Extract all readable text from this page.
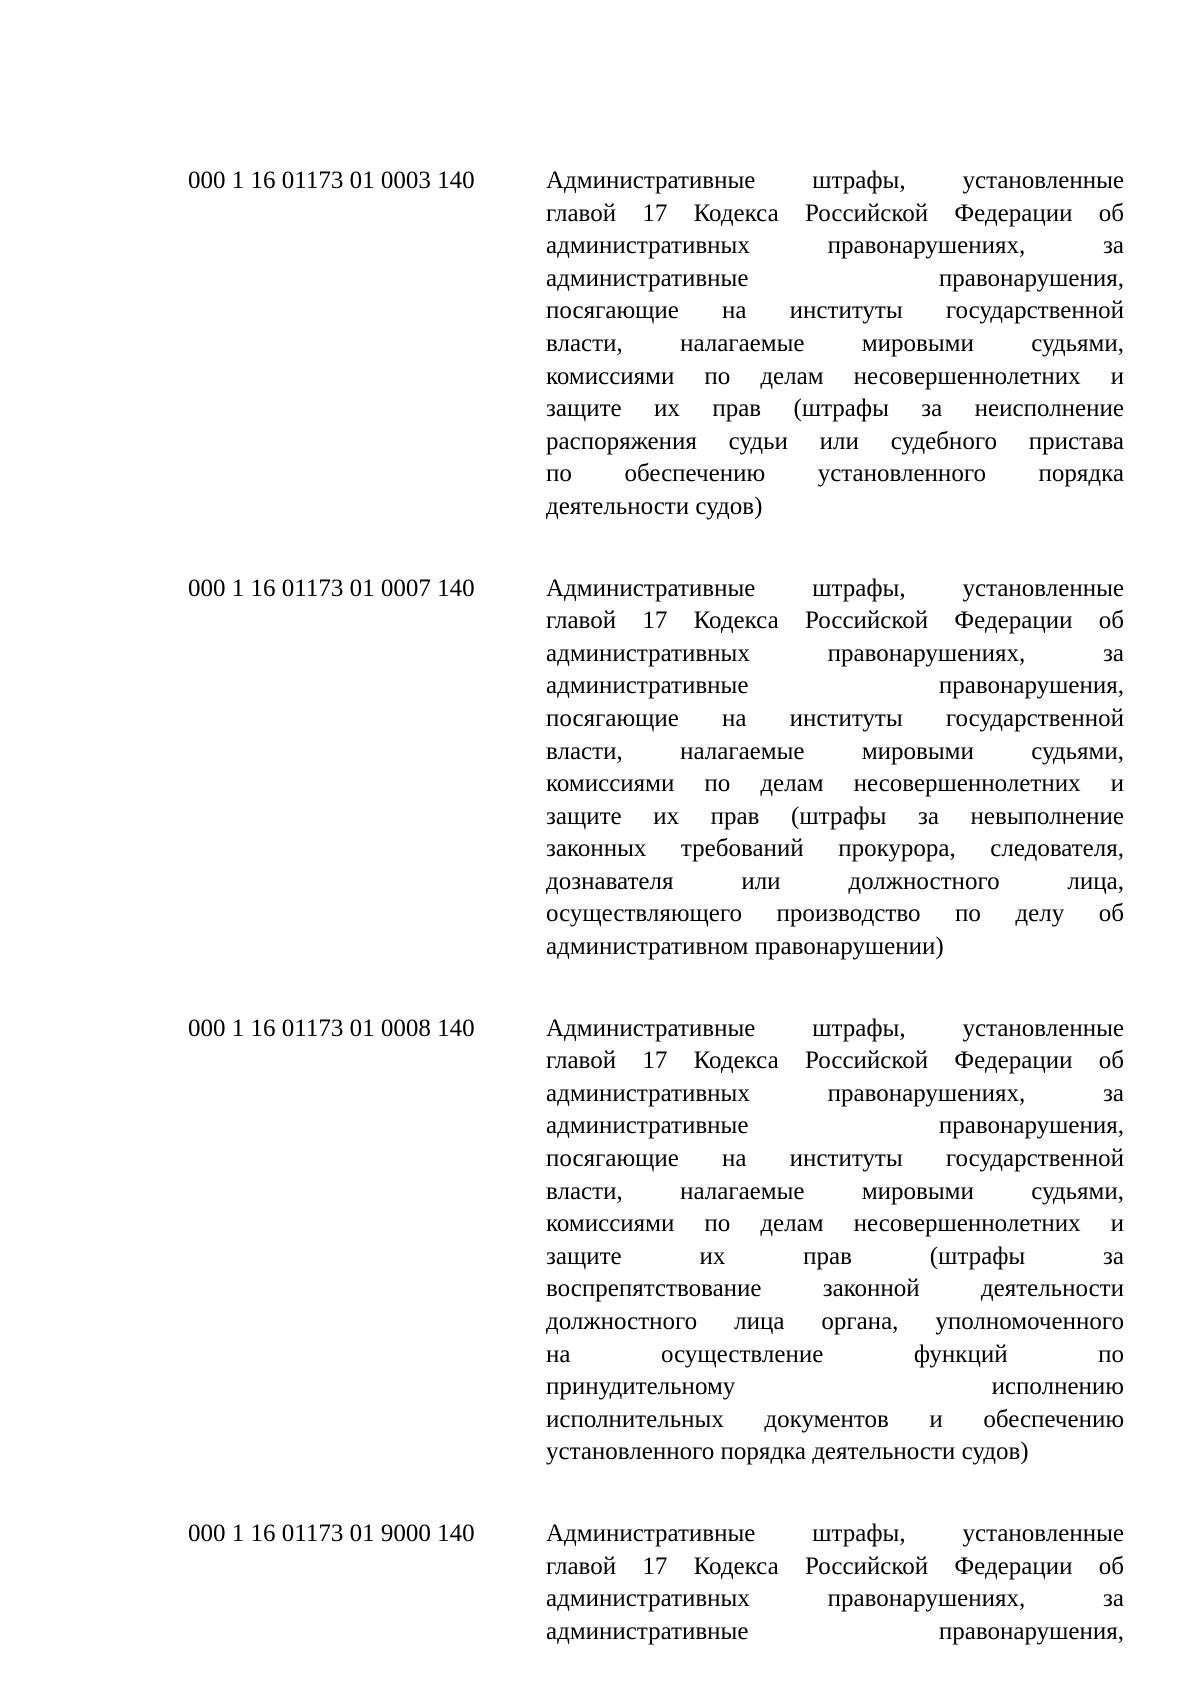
000 1 16 01173 01 0003 140	Административные штрафы, установленные
главой 17 Кодекса Российской Федерации об
административных правонарушениях, за
административные правонарушения,
посягающие на институты государственной
власти, налагаемые мировыми судьями,
комиссиями по делам несовершеннолетних и
защите их прав (штрафы за неисполнение
распоряжения судьи или судебного пристава
по обеспечению установленного порядка
деятельности судов)
000 1 16 01173 01 0007 140	Административные штрафы, установленные
главой 17 Кодекса Российской Федерации об
административных правонарушениях, за
административные правонарушения,
посягающие на институты государственной
власти, налагаемые мировыми судьями,
комиссиями по делам несовершеннолетних и
защите их прав (штрафы за невыполнение
законных требований прокурора, следователя,
дознавателя или должностного лица,
осуществляющего производство по делу об
административном правонарушении)
000 1 16 01173 01 0008 140	Административные штрафы, установленные
главой 17 Кодекса Российской Федерации об
административных правонарушениях, за
административные правонарушения,
посягающие на институты государственной
власти, налагаемые мировыми судьями,
комиссиями по делам несовершеннолетних и
защите их прав (штрафы за
воспрепятствование законной деятельности
должностного лица органа, уполномоченного
на осуществление функций по
принудительному исполнению
исполнительных документов и обеспечению
установленного порядка деятельности судов)
000 1 16 01173 01 9000 140	Административные штрафы, установленные
главой 17 Кодекса Российской Федерации об
административных правонарушениях, за
административные правонарушения,
